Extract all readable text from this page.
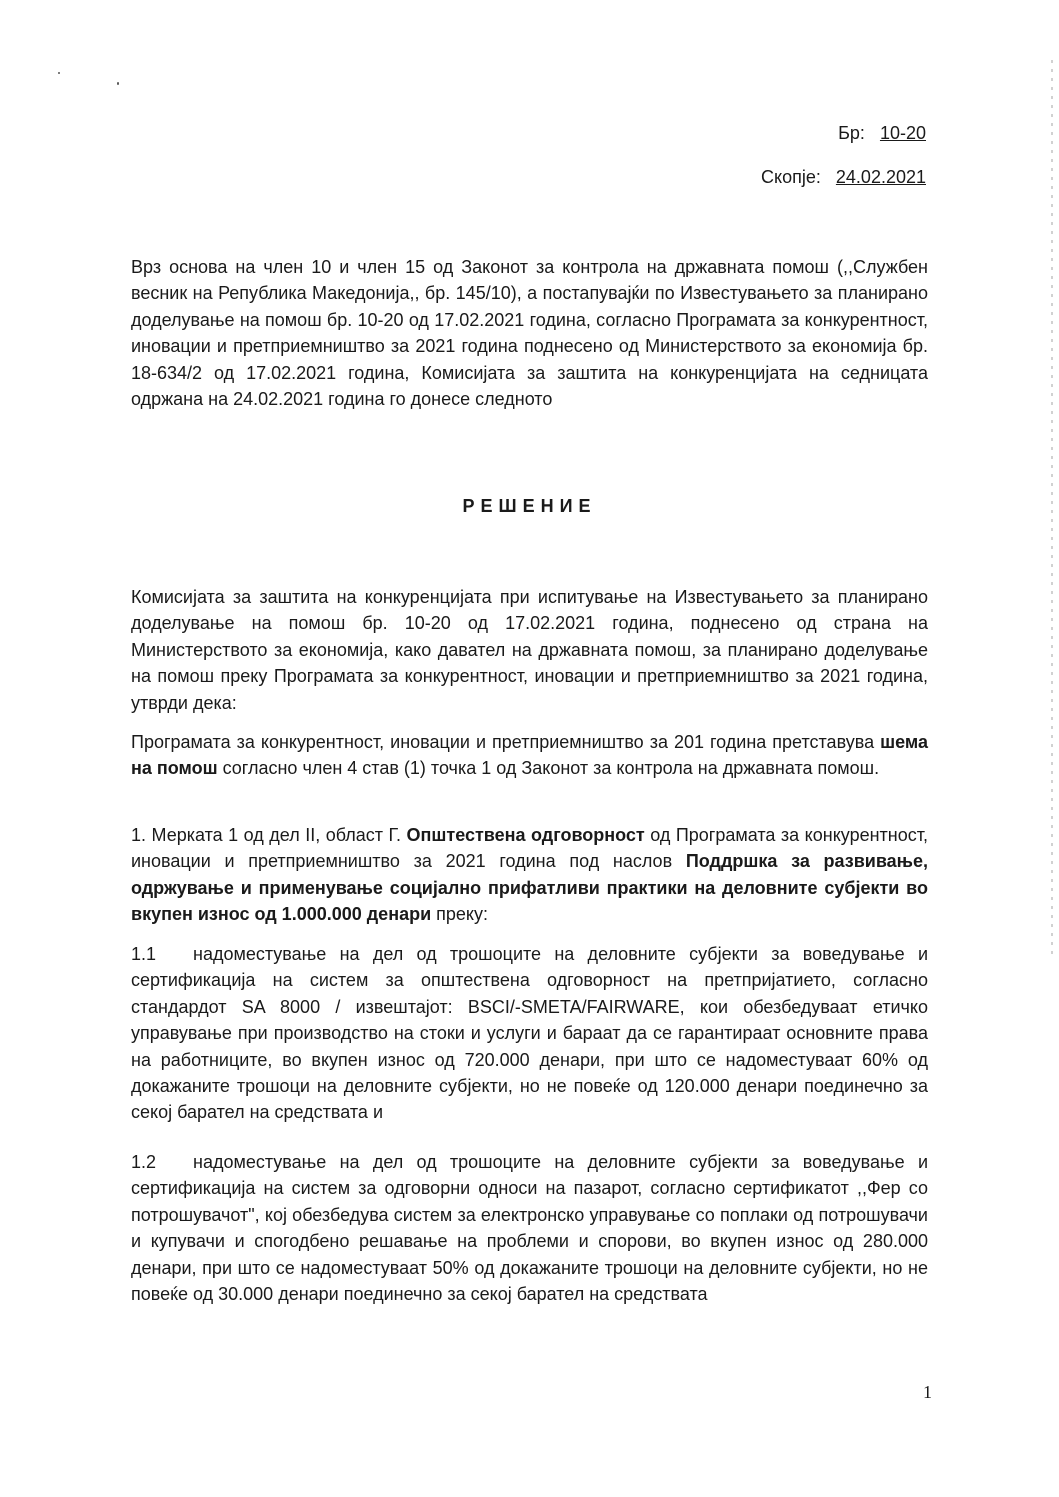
Бр: 10-20
Скопје: 24.02.2021

Врз основа на член 10 и член 15 од Законот за контрола на државната помош (,,Службен весник на Република Македонија,, бр. 145/10), а постапувајќи по Известувањето за планирано доделување на помош бр. 10-20 од 17.02.2021 година, согласно Програмата за конкурентност, иновации и претприемништво за 2021 година поднесено од Министерството за економија бр. 18-634/2 од 17.02.2021 година, Комисијата за заштита на конкуренцијата на седницата одржана на 24.02.2021 година го донесе следното

РЕШЕНИЕ

Комисијата за заштита на конкуренцијата при испитување на Известувањето за планирано доделување на помош бр. 10-20 од 17.02.2021 година, поднесено од страна на Министерството за економија, како давател на државната помош, за планирано доделување на помош преку Програмата за конкурентност, иновации и претприемништво за 2021 година, утврди дека:

Програмата за конкурентност, иновации и претприемништво за 201 година претставува шема на помош согласно член 4 став (1) точка 1 од Законот за контрола на државната помош.

1. Мерката 1 од дел II, област Г. Општествена одговорност од Програмата за конкурентност, иновации и претприемништво за 2021 година под наслов Поддршка за развивање, одржување и применување социјално прифатливи практики на деловните субјекти во вкупен износ од 1.000.000 денари преку:

1.1 надоместување на дел од трошоците на деловните субјекти за воведување и сертификација на систем за општествена одговорност на претпријатието, согласно стандардот SA 8000 / извештајот: BSCI/-SMETA/FAIRWARE, кои обезбедуваат етичко управување при производство на стоки и услуги и бараат да се гарантираат основните права на работниците, во вкупен износ од 720.000 денари, при што се надоместуваат 60% од докажаните трошоци на деловните субјекти, но не повеќе од 120.000 денари поединечно за секој барател на средствата и

1.2 надоместување на дел од трошоците на деловните субјекти за воведување и сертификација на систем за одговорни односи на пазарот, согласно сертификатот ,,Фер со потрошувачот", кој обезбедува систем за електронско управување со поплаки од потрошувачи и купувачи и спогодбено решавање на проблеми и спорови, во вкупен износ од 280.000 денари, при што се надоместуваат 50% од докажаните трошоци на деловните субјекти, но не повеќе од 30.000 денари поединечно за секој барател на средствата

1
